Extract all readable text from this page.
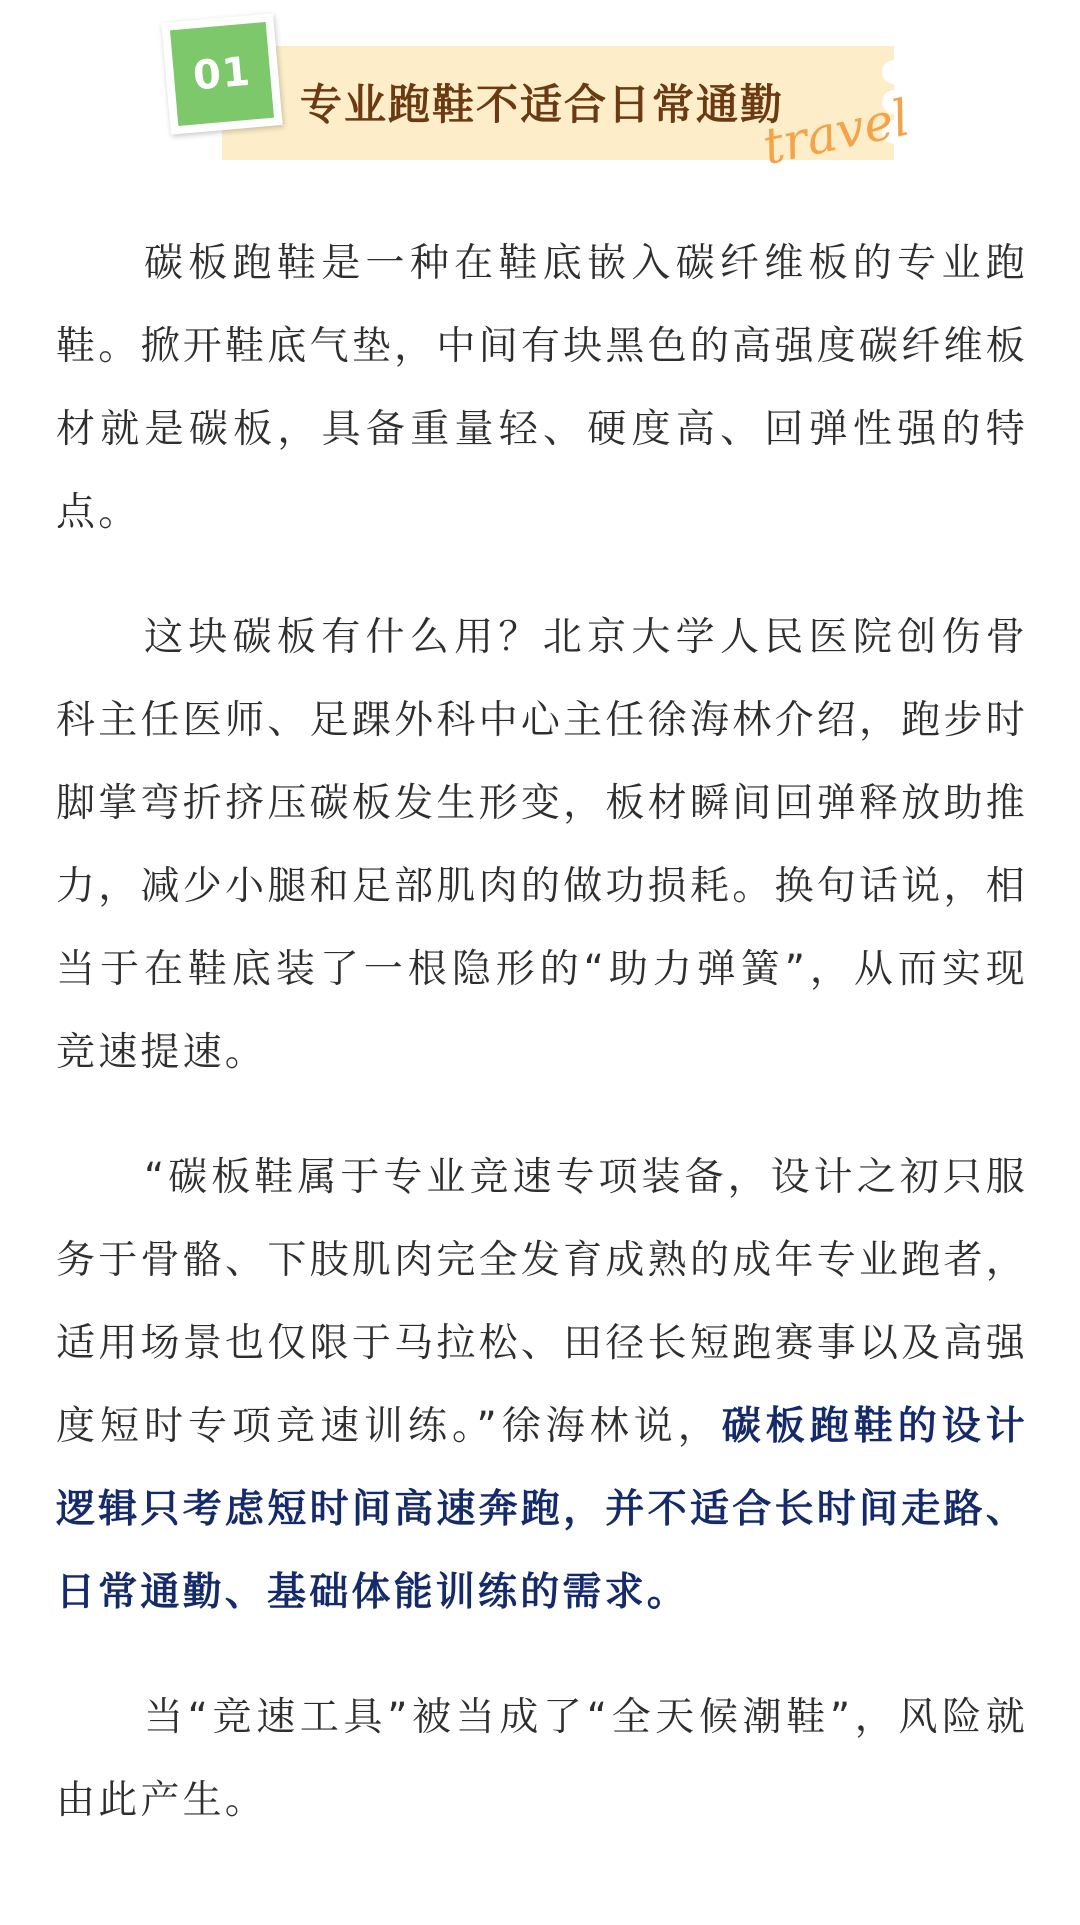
01
专业跑鞋不适合日常通勤
travel

碳板跑鞋是一种在鞋底嵌入碳纤维板的专业跑鞋。掀开鞋底气垫，中间有块黑色的高强度碳纤维板材就是碳板，具备重量轻、硬度高、回弹性强的特点。

这块碳板有什么用？北京大学人民医院创伤骨科主任医师、足踝外科中心主任徐海林介绍，跑步时脚掌弯折挤压碳板发生形变，板材瞬间回弹释放助推力，减少小腿和足部肌肉的做功损耗。换句话说，相当于在鞋底装了一根隐形的“助力弹簧”，从而实现竞速提速。

“碳板鞋属于专业竞速专项装备，设计之初只服务于骨骼、下肢肌肉完全发育成熟的成年专业跑者，适用场景也仅限于马拉松、田径长短跑赛事以及高强度短时专项竞速训练。”徐海林说，碳板跑鞋的设计逻辑只考虑短时间高速奔跑，并不适合长时间走路、日常通勤、基础体能训练的需求。

当“竞速工具”被当成了“全天候潮鞋”，风险就由此产生。
